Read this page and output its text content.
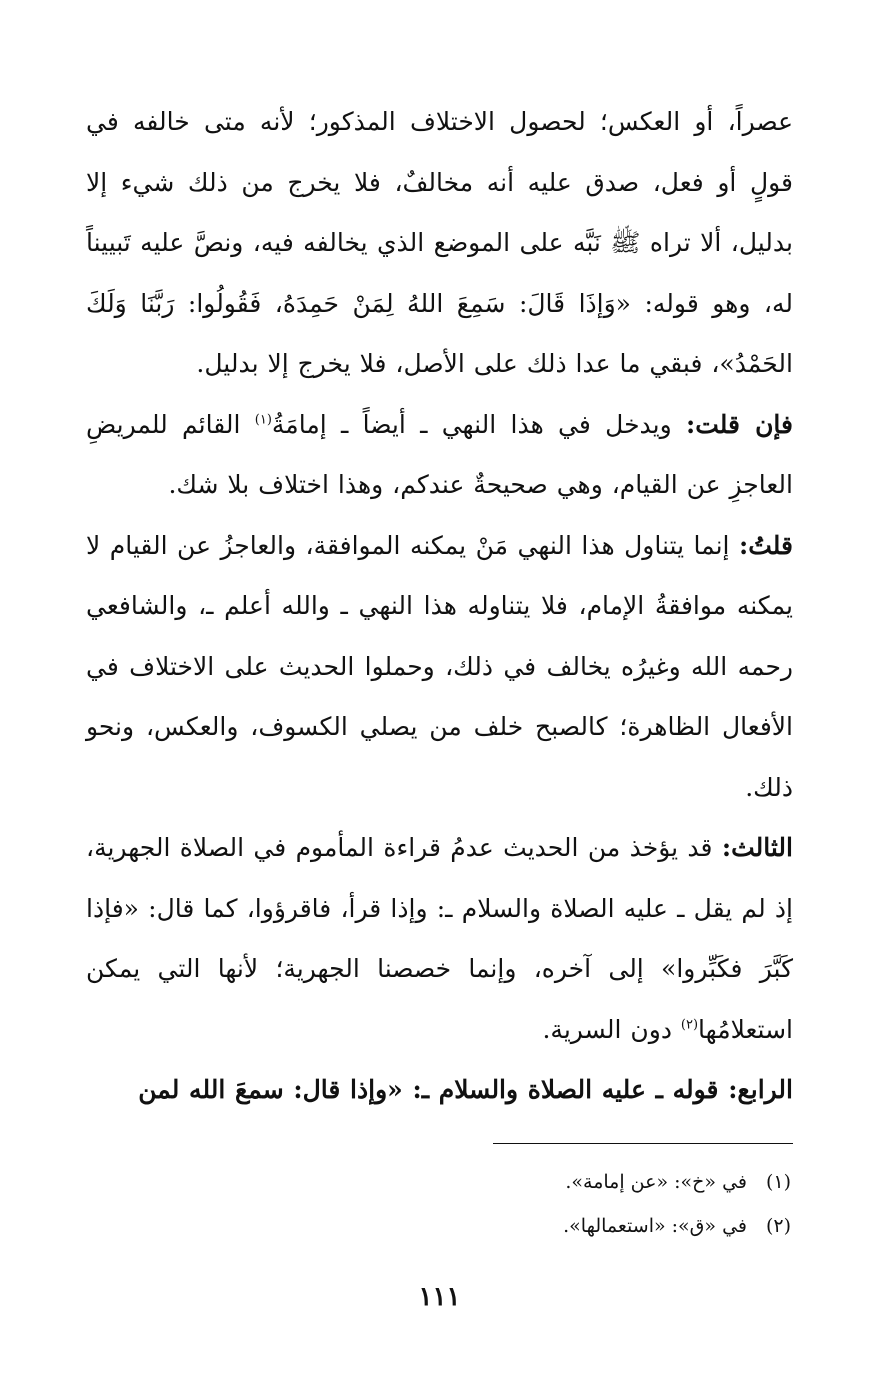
عصراً، أو العكس؛ لحصول الاختلاف المذكور؛ لأنه متى خالفه في قولٍ أو فعل، صدق عليه أنه مخالفٌ، فلا يخرج من ذلك شيء إلا بدليل، ألا تراه ﷺ نَبَّه على الموضع الذي يخالفه فيه، ونصَّ عليه تَبييناً له، وهو قوله: «وَإذَا قَالَ: سَمِعَ اللهُ لِمَنْ حَمِدَهُ، فَقُولُوا: رَبَّنَا وَلَكَ الحَمْدُ»، فبقي ما عدا ذلك على الأصل، فلا يخرج إلا بدليل.

فإن قلت: ويدخل في هذا النهي ـ أيضاً ـ إمامَةُ$^{(١)}$ القائم للمريضِ العاجزِ عن القيام، وهي صحيحةٌ عندكم، وهذا اختلاف بلا شك.

قلتُ: إنما يتناول هذا النهي مَنْ يمكنه الموافقة، والعاجزُ عن القيام لا يمكنه موافقةُ الإمام، فلا يتناوله هذا النهي ـ والله أعلم ـ، والشافعي رحمه الله وغيرُه يخالف في ذلك، وحملوا الحديث على الاختلاف في الأفعال الظاهرة؛ كالصبح خلف من يصلي الكسوف، والعكس، ونحو ذلك.

الثالث: قد يؤخذ من الحديث عدمُ قراءة المأموم في الصلاة الجهرية، إذ لم يقل ـ عليه الصلاة والسلام ـ: وإذا قرأ، فاقرؤوا، كما قال: «فإذا كَبَّرَ فكَبِّروا» إلى آخره، وإنما خصصنا الجهرية؛ لأنها التي يمكن استعلامُها$^{(٢)}$ دون السرية.

الرابع: قوله ـ عليه الصلاة والسلام ـ: «وإذا قال: سمعَ الله لمن

(١)في «خ»: «عن إمامة».
(٢)في «ق»: «استعمالها».
١١١
